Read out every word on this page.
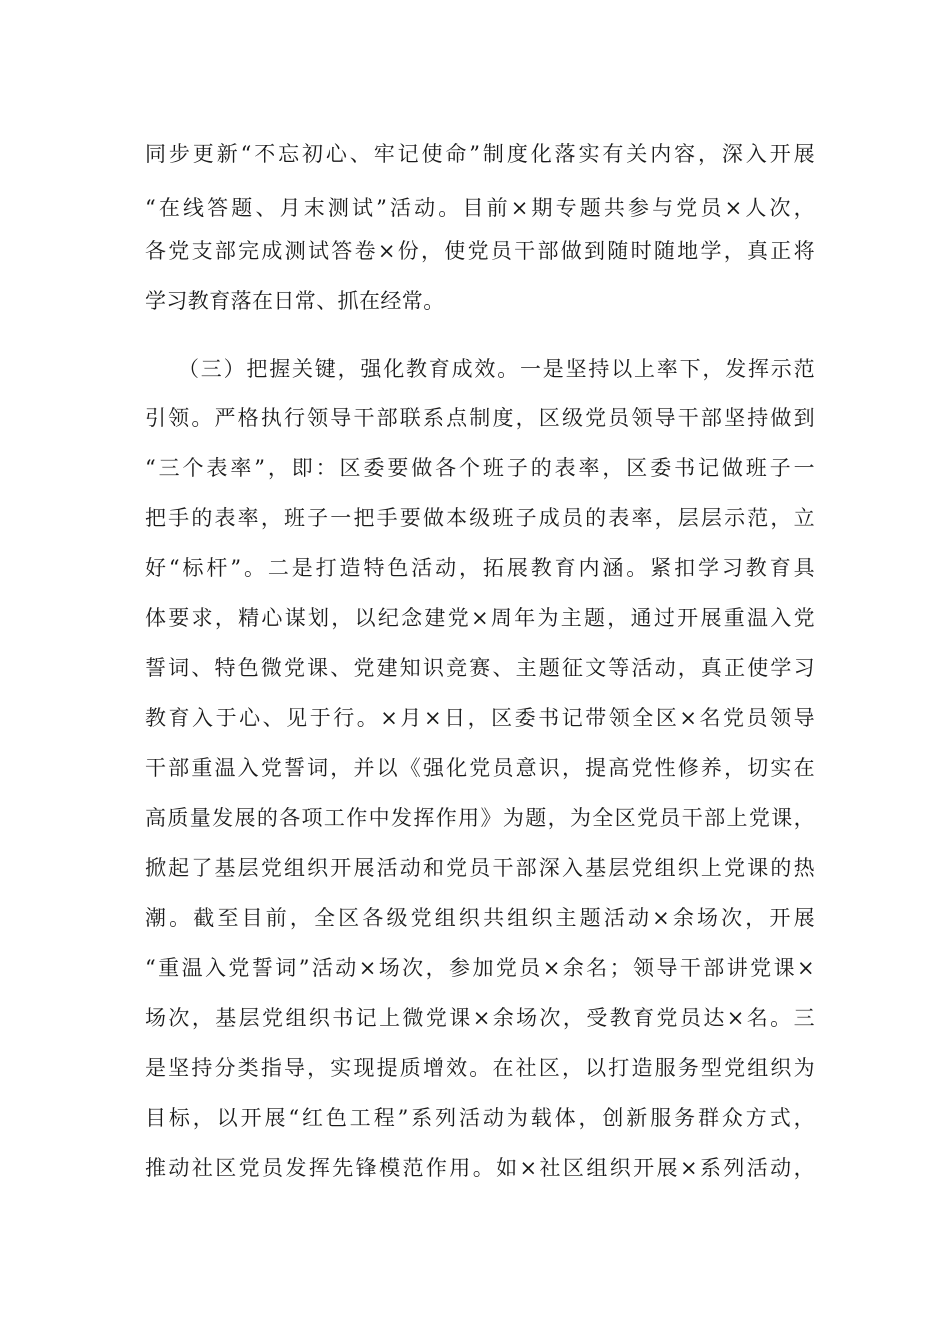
同步更新“不忘初心、牢记使命”制度化落实有关内容，深入开展
“在线答题、月末测试”活动。目前×期专题共参与党员×人次，
各党支部完成测试答卷×份，使党员干部做到随时随地学，真正将
学习教育落在日常、抓在经常。
（三）把握关键，强化教育成效。一是坚持以上率下，发挥示范
引领。严格执行领导干部联系点制度，区级党员领导干部坚持做到
“三个表率”，即：区委要做各个班子的表率，区委书记做班子一
把手的表率，班子一把手要做本级班子成员的表率，层层示范，立
好“标杆”。二是打造特色活动，拓展教育内涵。紧扣学习教育具
体要求，精心谋划，以纪念建党×周年为主题，通过开展重温入党
誓词、特色微党课、党建知识竞赛、主题征文等活动，真正使学习
教育入于心、见于行。×月×日，区委书记带领全区×名党员领导
干部重温入党誓词，并以《强化党员意识，提高党性修养，切实在
高质量发展的各项工作中发挥作用》为题，为全区党员干部上党课，
掀起了基层党组织开展活动和党员干部深入基层党组织上党课的热
潮。截至目前，全区各级党组织共组织主题活动×余场次，开展
“重温入党誓词”活动×场次，参加党员×余名；领导干部讲党课×
场次，基层党组织书记上微党课×余场次，受教育党员达×名。三
是坚持分类指导，实现提质增效。在社区，以打造服务型党组织为
目标，以开展“红色工程”系列活动为载体，创新服务群众方式，
推动社区党员发挥先锋模范作用。如×社区组织开展×系列活动，
